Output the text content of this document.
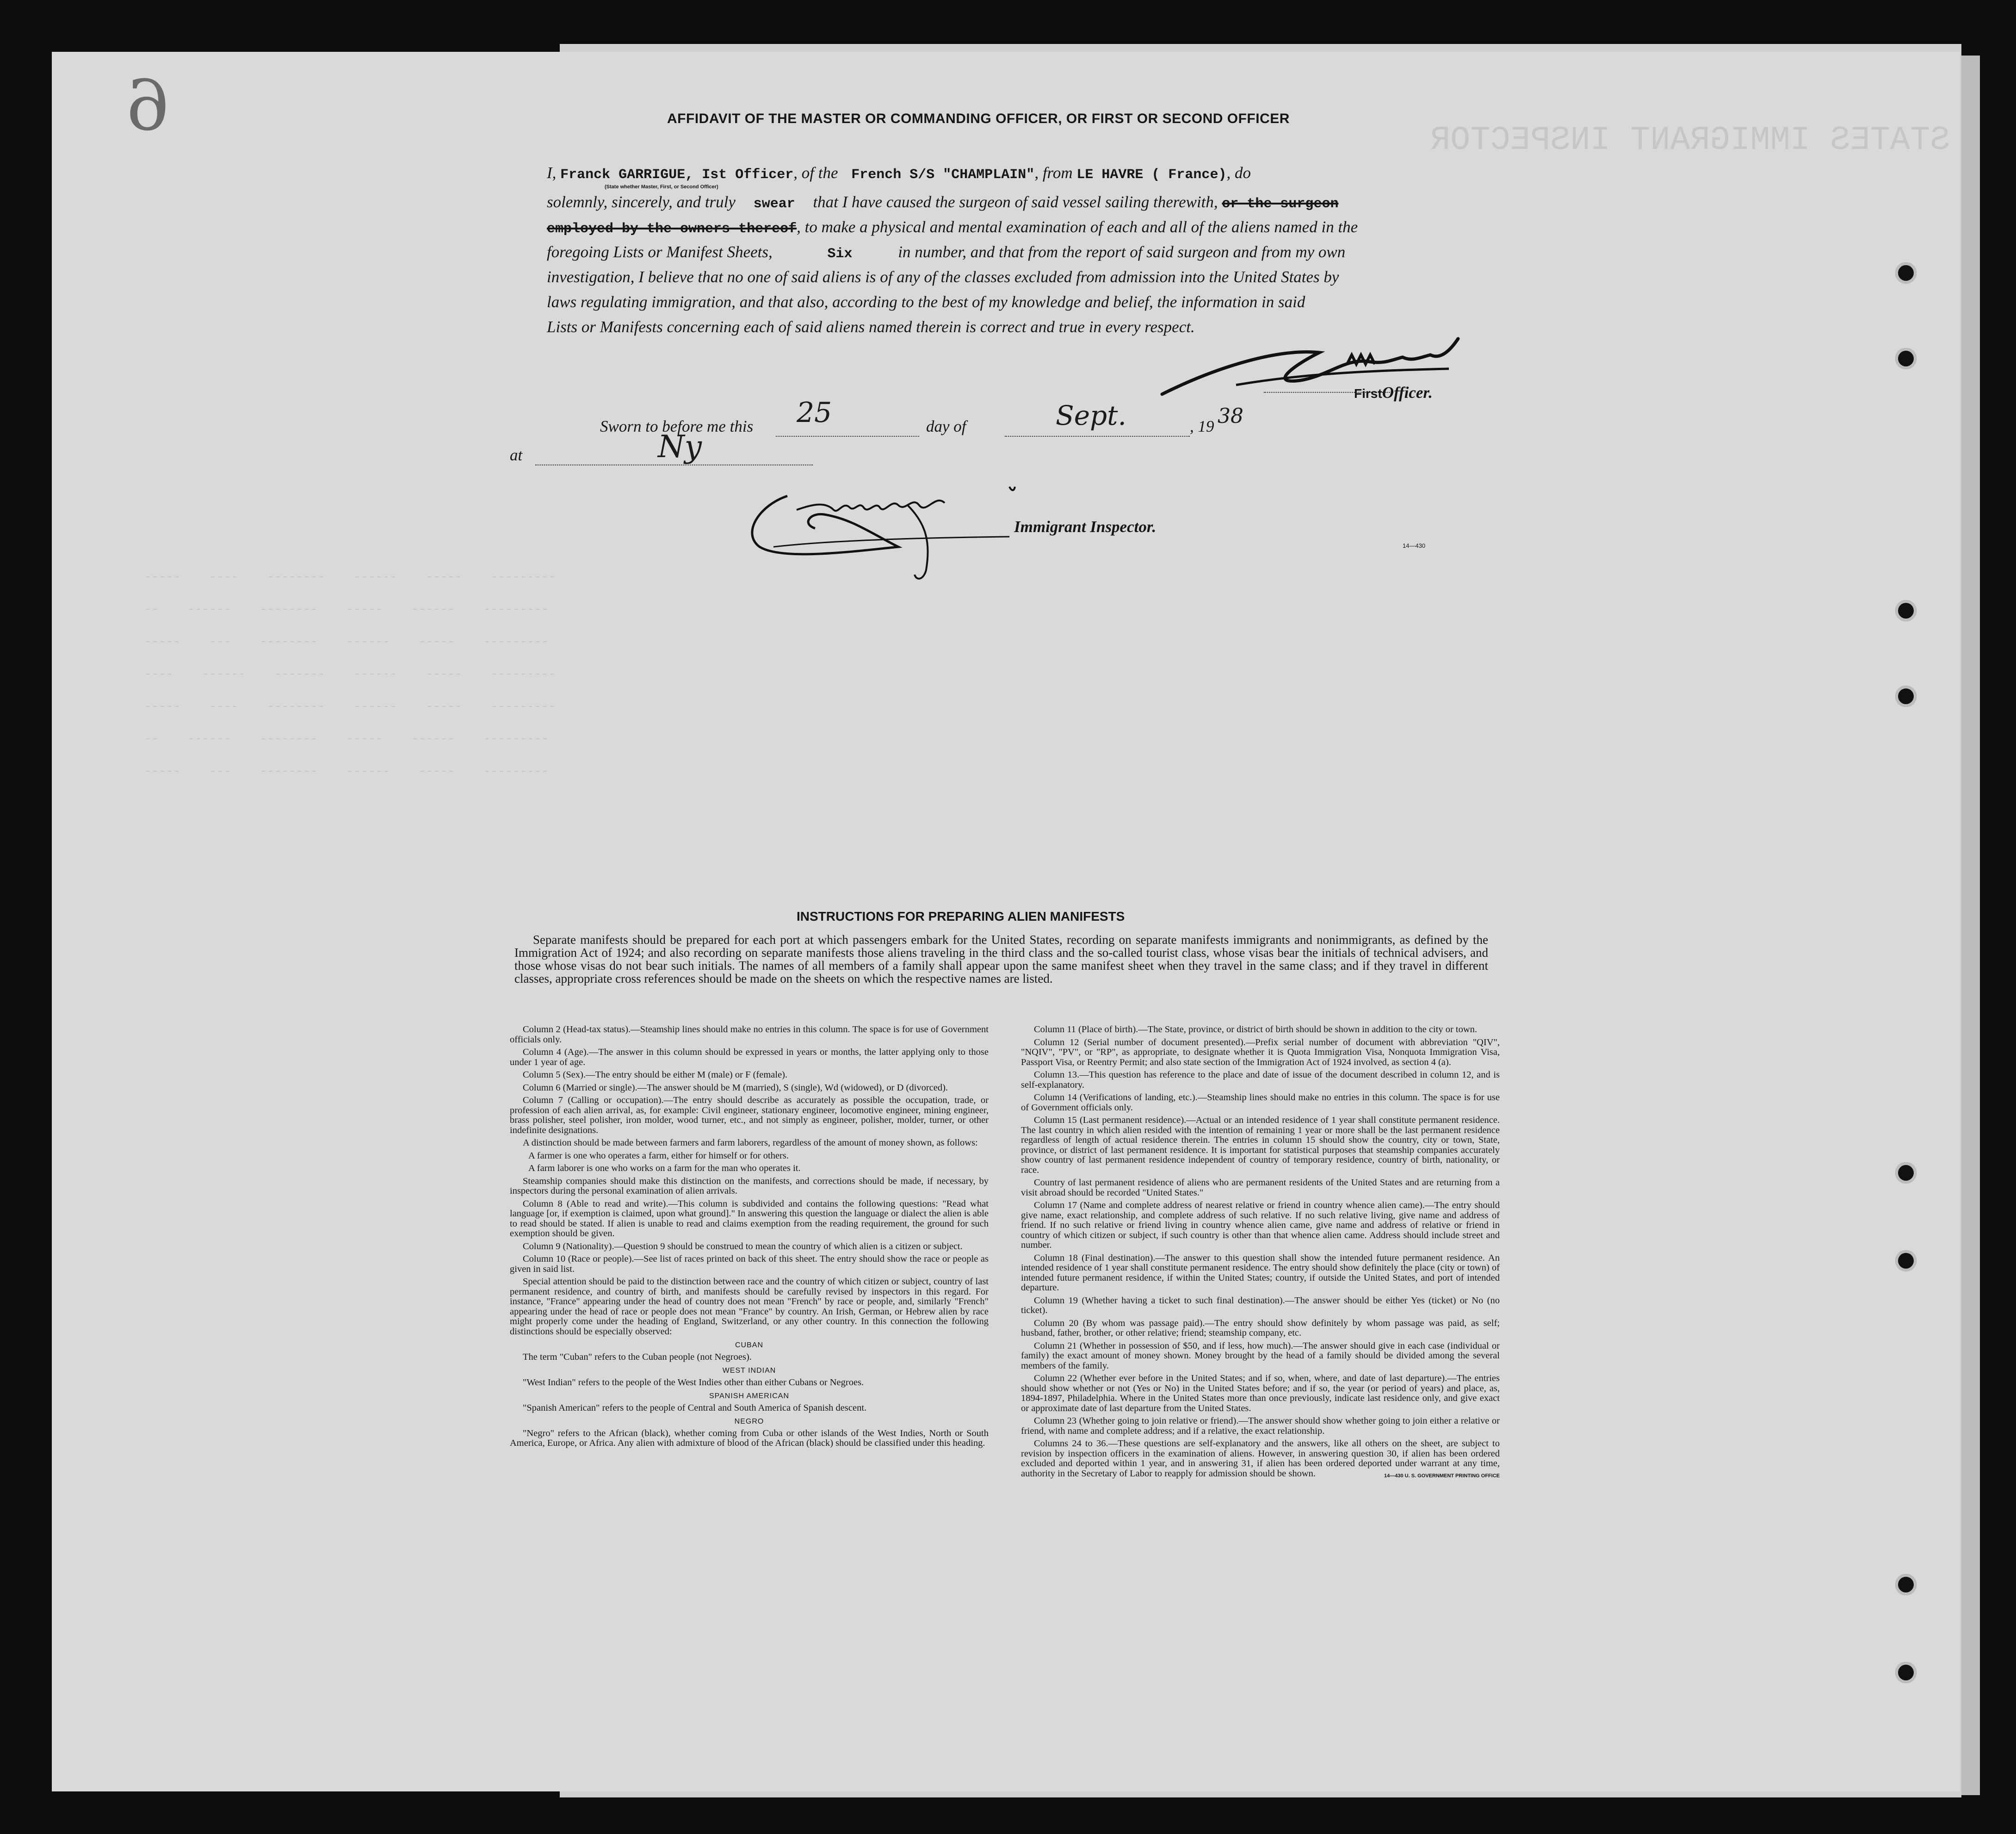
STATES IMMIGRANT INSPECTOR
-----    ----    --------    ------    -----    ---------
--    ------    --------    -----    ------    ---------
-----    ---    --------    ------    -----    ---------
----    ------    -------    ------    -----    ---------
-----    ----    --------    ------    -----    ---------
--    ------    --------    -----    ------    ---------
-----    ---    --------    ------    -----    ---------
6	AFFIDAVIT OF THE MASTER OR COMMANDING OFFICER, OR FIRST OR SECOND OFFICER
I, Franck GARRIGUE, Ist Officer, of the French S/S "CHAMPLAIN", from LE HAVRE ( France), do
(State whether Master, First, or Second Officer)
solemnly, sincerely, and truly swear that I have caused the surgeon of said vessel sailing therewith, or the surgeon
employed by the owners thereof, to make a physical and mental examination of each and all of the aliens named in the
foregoing Lists or Manifest Sheets,	Six	in number, and that from the report of said surgeon and from my own
investigation, I believe that no one of said aliens is of any of the classes excluded from admission into the United States by
laws regulating immigration, and that also, according to the best of my knowledge and belief, the information in said
Lists or Manifests concerning each of said aliens named therein is correct and true in every respect.
FirstOfficer.
Sworn to before me this 25	day of	Sept.	, 19 38
at	Ny
Immigrant Inspector.
14—430
INSTRUCTIONS FOR PREPARING ALIEN MANIFESTS
Separate manifests should be prepared for each port at which passengers embark for the United States, recording on separate manifests immigrants and nonimmigrants, as defined by the Immigration Act of 1924; and also recording on separate manifests those aliens traveling in the third class and the so-called tourist class, whose visas bear the initials of technical advisers, and those whose visas do not bear such initials. The names of all members of a family shall appear upon the same manifest sheet when they travel in the same class; and if they travel in different classes, appropriate cross references should be made on the sheets on which the respective names are listed.

Column 2 (Head-tax status).—Steamship lines should make no entries in this column. The space is for use of Government officials only.

Column 4 (Age).—The answer in this column should be expressed in years or months, the latter applying only to those under 1 year of age.

Column 5 (Sex).—The entry should be either M (male) or F (female).

Column 6 (Married or single).—The answer should be M (married), S (single), Wd (widowed), or D (divorced).

Column 7 (Calling or occupation).—The entry should describe as accurately as possible the occupation, trade, or profession of each alien arrival, as, for example: Civil engineer, stationary engineer, locomotive engineer, mining engineer, brass polisher, steel polisher, iron molder, wood turner, etc., and not simply as engineer, polisher, molder, turner, or other indefinite designations.

A distinction should be made between farmers and farm laborers, regardless of the amount of money shown, as follows:

A farmer is one who operates a farm, either for himself or for others.

A farm laborer is one who works on a farm for the man who operates it.

Steamship companies should make this distinction on the manifests, and corrections should be made, if necessary, by inspectors during the personal examination of alien arrivals.

Column 8 (Able to read and write).—This column is subdivided and contains the following questions: "Read what language [or, if exemption is claimed, upon what ground]." In answering this question the language or dialect the alien is able to read should be stated. If alien is unable to read and claims exemption from the reading requirement, the ground for such exemption should be given.

Column 9 (Nationality).—Question 9 should be construed to mean the country of which alien is a citizen or subject.

Column 10 (Race or people).—See list of races printed on back of this sheet. The entry should show the race or people as given in said list.

Special attention should be paid to the distinction between race and the country of which citizen or subject, country of last permanent residence, and country of birth, and manifests should be carefully revised by inspectors in this regard. For instance, "France" appearing under the head of country does not mean "French" by race or people, and, similarly "French" appearing under the head of race or people does not mean "France" by country. An Irish, German, or Hebrew alien by race might properly come under the heading of England, Switzerland, or any other country. In this connection the following distinctions should be especially observed:

CUBAN

The term "Cuban" refers to the Cuban people (not Negroes).

WEST INDIAN

"West Indian" refers to the people of the West Indies other than either Cubans or Negroes.

SPANISH AMERICAN

"Spanish American" refers to the people of Central and South America of Spanish descent.

NEGRO

"Negro" refers to the African (black), whether coming from Cuba or other islands of the West Indies, North or South America, Europe, or Africa. Any alien with admixture of blood of the African (black) should be classified under this heading.

Column 11 (Place of birth).—The State, province, or district of birth should be shown in addition to the city or town.

Column 12 (Serial number of document presented).—Prefix serial number of document with abbreviation "QIV", "NQIV", "PV", or "RP", as appropriate, to designate whether it is Quota Immigration Visa, Nonquota Immigration Visa, Passport Visa, or Reentry Permit; and also state section of the Immigration Act of 1924 involved, as section 4 (a).

Column 13.—This question has reference to the place and date of issue of the document described in column 12, and is self-explanatory.

Column 14 (Verifications of landing, etc.).—Steamship lines should make no entries in this column. The space is for use of Government officials only.

Column 15 (Last permanent residence).—Actual or an intended residence of 1 year shall constitute permanent residence. The last country in which alien resided with the intention of remaining 1 year or more shall be the last permanent residence regardless of length of actual residence therein. The entries in column 15 should show the country, city or town, State, province, or district of last permanent residence. It is important for statistical purposes that steamship companies accurately show country of last permanent residence independent of country of temporary residence, country of birth, nationality, or race.

Country of last permanent residence of aliens who are permanent residents of the United States and are returning from a visit abroad should be recorded "United States."

Column 17 (Name and complete address of nearest relative or friend in country whence alien came).—The entry should give name, exact relationship, and complete address of such relative. If no such relative living, give name and address of friend. If no such relative or friend living in country whence alien came, give name and address of relative or friend in country of which citizen or subject, if such country is other than that whence alien came. Address should include street and number.

Column 18 (Final destination).—The answer to this question shall show the intended future permanent residence. An intended residence of 1 year shall constitute permanent residence. The entry should show definitely the place (city or town) of intended future permanent residence, if within the United States; country, if outside the United States, and port of intended departure.

Column 19 (Whether having a ticket to such final destination).—The answer should be either Yes (ticket) or No (no ticket).

Column 20 (By whom was passage paid).—The entry should show definitely by whom passage was paid, as self; husband, father, brother, or other relative; friend; steamship company, etc.

Column 21 (Whether in possession of $50, and if less, how much).—The answer should give in each case (individual or family) the exact amount of money shown. Money brought by the head of a family should be divided among the several members of the family.

Column 22 (Whether ever before in the United States; and if so, when, where, and date of last departure).—The entries should show whether or not (Yes or No) in the United States before; and if so, the year (or period of years) and place, as, 1894-1897, Philadelphia. Where in the United States more than once previously, indicate last residence only, and give exact or approximate date of last departure from the United States.

Column 23 (Whether going to join relative or friend).—The answer should show whether going to join either a relative or friend, with name and complete address; and if a relative, the exact relationship.

Columns 24 to 36.—These questions are self-explanatory and the answers, like all others on the sheet, are subject to revision by inspection officers in the examination of aliens. However, in answering question 30, if alien has been ordered excluded and deported within 1 year, and in answering 31, if alien has been ordered deported under warrant at any time, authority in the Secretary of Labor to reapply for admission should be shown.	14—430 U. S. GOVERNMENT PRINTING OFFICE
